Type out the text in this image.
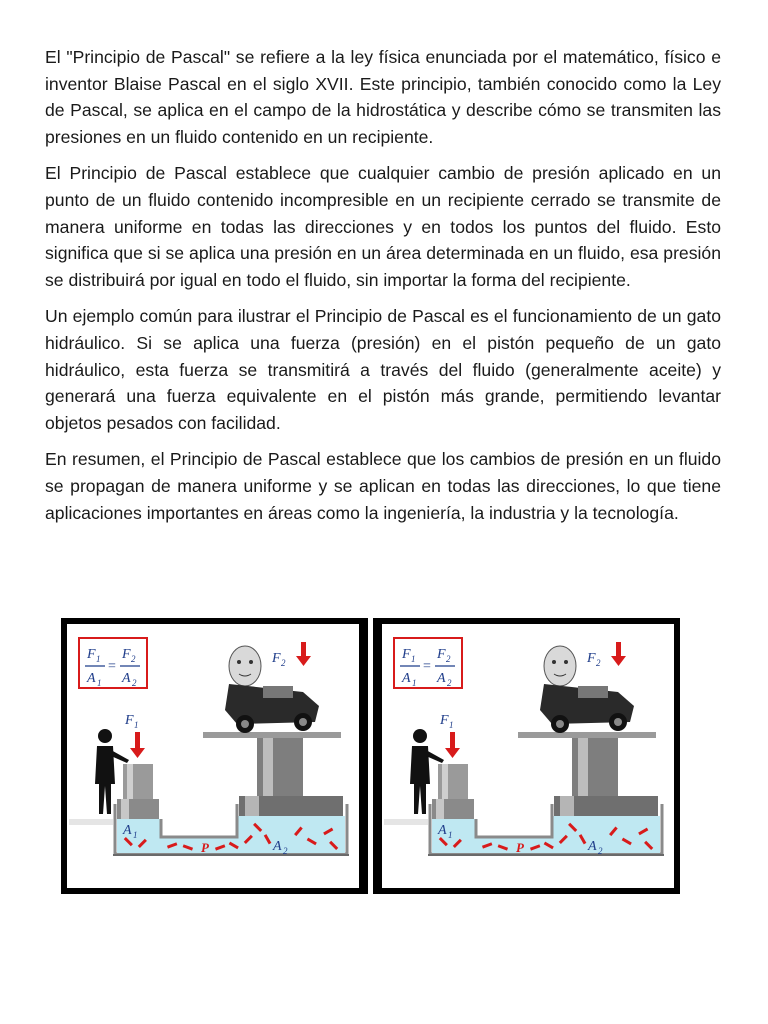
El "Principio de Pascal" se refiere a la ley física enunciada por el matemático, físico e inventor Blaise Pascal en el siglo XVII. Este principio, también conocido como la Ley de Pascal, se aplica en el campo de la hidrostática y describe cómo se transmiten las presiones en un fluido contenido en un recipiente.

El Principio de Pascal establece que cualquier cambio de presión aplicado en un punto de un fluido contenido incompresible en un recipiente cerrado se transmite de manera uniforme en todas las direcciones y en todos los puntos del fluido. Esto significa que si se aplica una presión en un área determinada en un fluido, esa presión se distribuirá por igual en todo el fluido, sin importar la forma del recipiente.

Un ejemplo común para ilustrar el Principio de Pascal es el funcionamiento de un gato hidráulico. Si se aplica una fuerza (presión) en el pistón pequeño de un gato hidráulico, esta fuerza se transmitirá a través del fluido (generalmente aceite) y generará una fuerza equivalente en el pistón más grande, permitiendo levantar objetos pesados con facilidad.

En resumen, el Principio de Pascal establece que los cambios de presión en un fluido se propagan de manera uniforme y se aplican en todas las direcciones, lo que tiene aplicaciones importantes en áreas como la ingeniería, la industria y la tecnología.

F 1
A 1
=
F 2
A 2
F 1
F 2
A 1
A 2
P
F 1
A 1
=
F 2
A 2
F 1
F 2
A 1
A 2
P
